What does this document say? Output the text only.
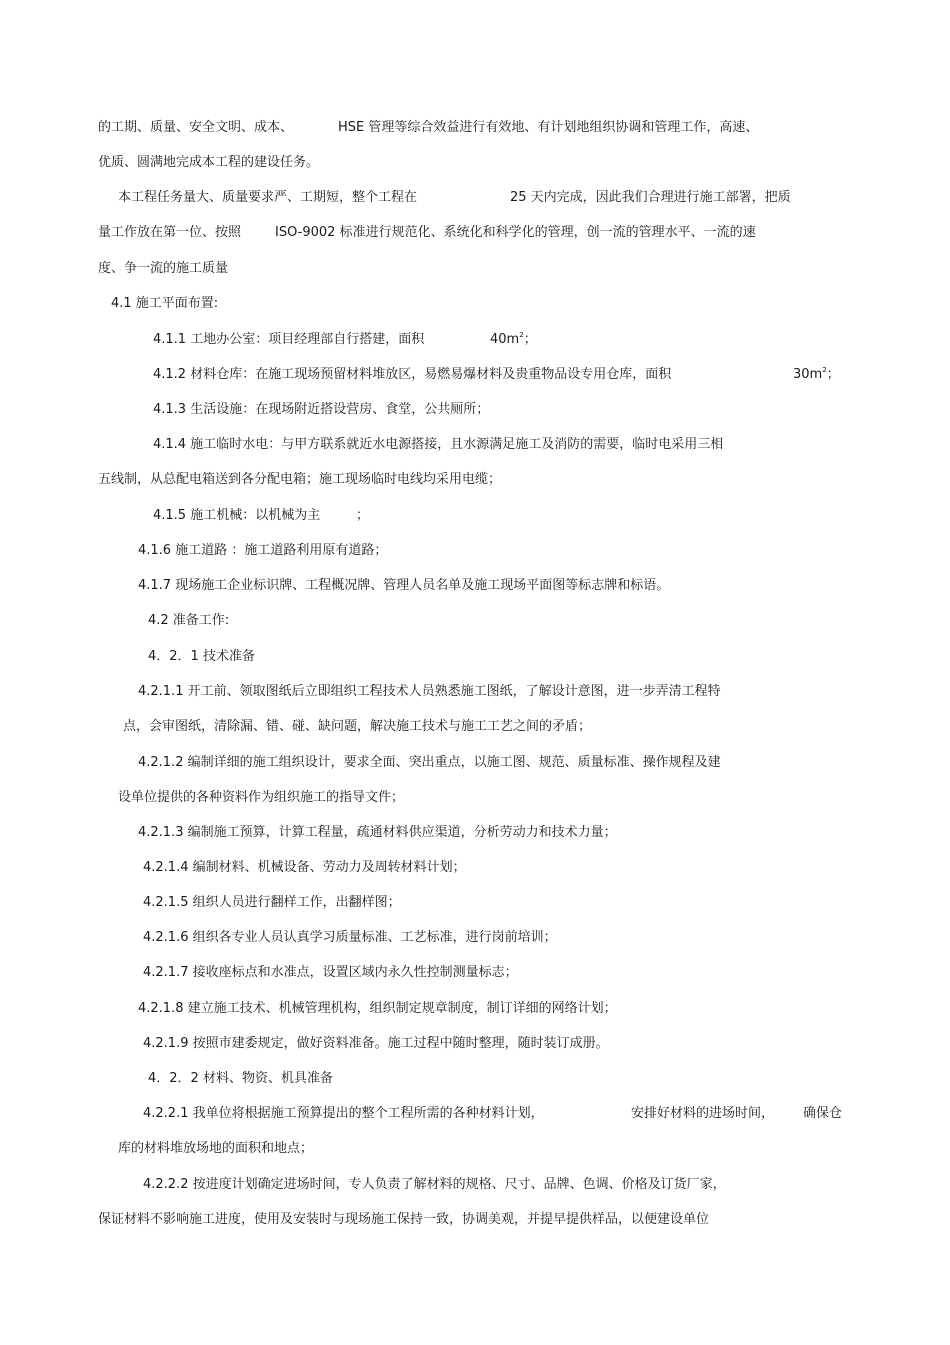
的工期、质量、安全文明、成本、	HSE 管理等综合效益进行有效地、有计划地组织协调和管理工作，高速、
优质、圆满地完成本工程的建设任务。
本工程任务量大、质量要求严、工期短，整个工程在	25 天内完成，因此我们合理进行施工部署，把质
量工作放在第一位、按照	ISO-9002 标准进行规范化、系统化和科学化的管理，创一流的管理水平、一流的速
度、争一流的施工质量
4.1 施工平面布置:
4.1.1 工地办公室：项目经理部自行搭建，面积	$40m^2$；
4.1.2 材料仓库：在施工现场预留材料堆放区，易燃易爆材料及贵重物品设专用仓库，面积	$30m^2$；
4.1.3 生活设施：在现场附近搭设营房、食堂，公共厕所；
4.1.4 施工临时水电：与甲方联系就近水电源搭接，且水源满足施工及消防的需要，临时电采用三相
五线制，从总配电箱送到各分配电箱；施工现场临时电线均采用电缆；
4.1.5 施工机械：以机械为主	；
4.1.6 施工道路 ：施工道路利用原有道路；
4.1.7 现场施工企业标识牌、工程概况牌、管理人员名单及施工现场平面图等标志牌和标语。
4.2 准备工作:
4．2．1 技术准备
4.2.1.1 开工前、领取图纸后立即组织工程技术人员熟悉施工图纸，了解设计意图，进一步弄清工程特
点，会审图纸，清除漏、错、碰、缺问题，解决施工技术与施工工艺之间的矛盾；
4.2.1.2 编制详细的施工组织设计，要求全面、突出重点，以施工图、规范、质量标准、操作规程及建
设单位提供的各种资料作为组织施工的指导文件；
4.2.1.3 编制施工预算，计算工程量，疏通材料供应渠道，分析劳动力和技术力量；
4.2.1.4 编制材料、机械设备、劳动力及周转材料计划；
4.2.1.5 组织人员进行翻样工作，出翻样图；
4.2.1.6 组织各专业人员认真学习质量标准、工艺标准，进行岗前培训；
4.2.1.7 接收座标点和水准点，设置区域内永久性控制测量标志；
4.2.1.8 建立施工技术、机械管理机构，组织制定规章制度，制订详细的网络计划；
4.2.1.9 按照市建委规定，做好资料准备。施工过程中随时整理，随时装订成册。
4．2．2 材料、物资、机具准备
4.2.2.1 我单位将根据施工预算提出的整个工程所需的各种材料计划，	安排好材料的进场时间， 确保仓
库的材料堆放场地的面积和地点；
4.2.2.2 按进度计划确定进场时间，专人负责了解材料的规格、尺寸、品牌、色调、价格及订货厂家，
保证材料不影响施工进度，使用及安装时与现场施工保持一致，协调美观，并提早提供样品，以便建设单位
